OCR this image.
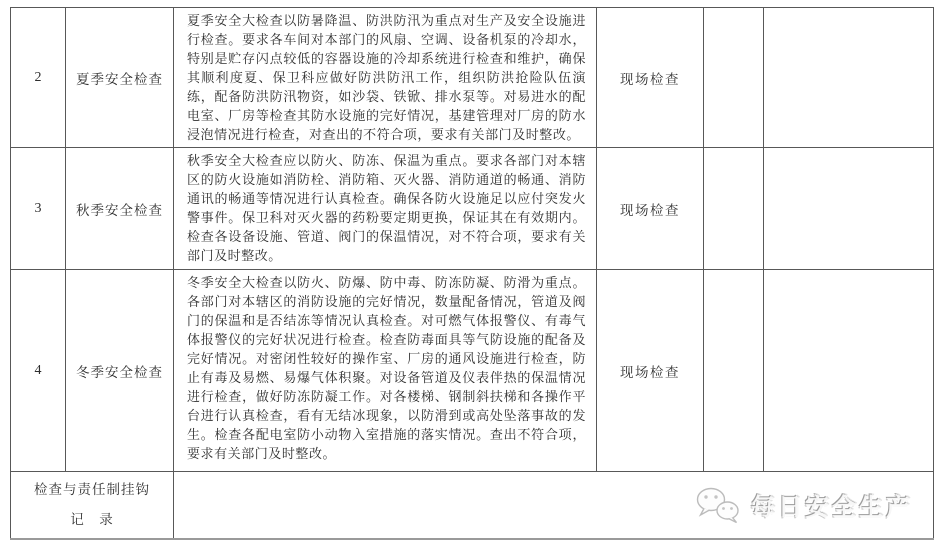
2	夏季安全检查	夏季安全大检查以防暑降温、防洪防汛为重点对生产及安全设施进行检查。要求各车间对本部门的风扇、空调、设备机泵的冷却水，特别是贮存闪点较低的容器设施的冷却系统进行检查和维护，确保其顺利度夏、保卫科应做好防洪防汛工作，组织防洪抢险队伍演练，配备防洪防汛物资，如沙袋、铁锨、排水泵等。对易进水的配电室、厂房等检查其防水设施的完好情况，基建管理对厂房的防水浸泡情况进行检查，对查出的不符合项，要求有关部门及时整改。	现场检查		
3	秋季安全检查	秋季安全大检查应以防火、防冻、保温为重点。要求各部门对本辖区的防火设施如消防栓、消防箱、灭火器、消防通道的畅通、消防通讯的畅通等情况进行认真检查。确保各防火设施足以应付突发火警事件。保卫科对灭火器的药粉要定期更换，保证其在有效期内。检查各设备设施、管道、阀门的保温情况，对不符合项，要求有关部门及时整改。	现场检查		
4	冬季安全检查	冬季安全大检查以防火、防爆、防中毒、防冻防凝、防滑为重点。各部门对本辖区的消防设施的完好情况，数量配备情况，管道及阀门的保温和是否结冻等情况认真检查。对可燃气体报警仪、有毒气体报警仪的完好状况进行检查。检查防毒面具等气防设施的配备及完好情况。对密闭性较好的操作室、厂房的通风设施进行检查，防止有毒及易燃、易爆气体积聚。对设备管道及仪表伴热的保温情况进行检查，做好防冻防凝工作。对各楼梯、钢制斜扶梯和各操作平台进行认真检查，看有无结冰现象，以防滑到或高处坠落事故的发生。检查各配电室防小动物入室措施的落实情况。查出不符合项，要求有关部门及时整改。	现场检查		

检查与责任制挂钩
记　录		每日安全生产			
